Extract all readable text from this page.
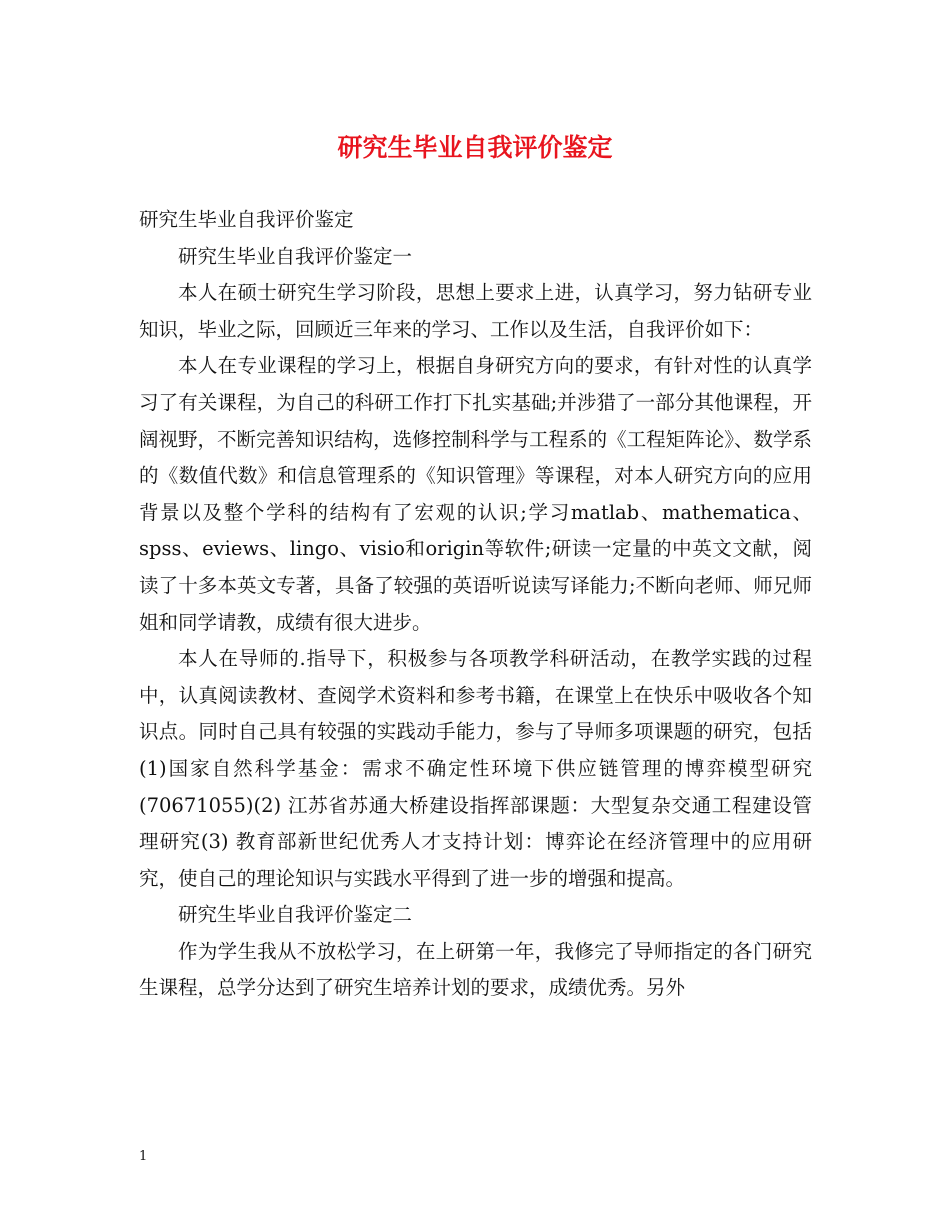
研究生毕业自我评价鉴定

研究生毕业自我评价鉴定

研究生毕业自我评价鉴定一

本人在硕士研究生学习阶段，思想上要求上进，认真学习，努力钻研专业知识，毕业之际，回顾近三年来的学习、工作以及生活，自我评价如下：

本人在专业课程的学习上，根据自身研究方向的要求，有针对性的认真学习了有关课程，为自己的科研工作打下扎实基础;并涉猎了一部分其他课程，开阔视野，不断完善知识结构，选修控制科学与工程系的《工程矩阵论》、数学系的《数值代数》和信息管理系的《知识管理》等课程，对本人研究方向的应用背景以及整个学科的结构有了宏观的认识;学习matlab、mathematica、spss、eviews、lingo、visio和origin等软件;研读一定量的中英文文献，阅读了十多本英文专著，具备了较强的英语听说读写译能力;不断向老师、师兄师姐和同学请教，成绩有很大进步。

本人在导师的.指导下，积极参与各项教学科研活动，在教学实践的过程中，认真阅读教材、查阅学术资料和参考书籍，在课堂上在快乐中吸收各个知识点。同时自己具有较强的实践动手能力，参与了导师多项课题的研究，包括(1)国家自然科学基金：需求不确定性环境下供应链管理的博弈模型研究 (70671055)(2) 江苏省苏通大桥建设指挥部课题：大型复杂交通工程建设管理研究(3) 教育部新世纪优秀人才支持计划：博弈论在经济管理中的应用研究，使自己的理论知识与实践水平得到了进一步的增强和提高。

研究生毕业自我评价鉴定二

作为学生我从不放松学习，在上研第一年，我修完了导师指定的各门研究生课程，总学分达到了研究生培养计划的要求，成绩优秀。另外

1
